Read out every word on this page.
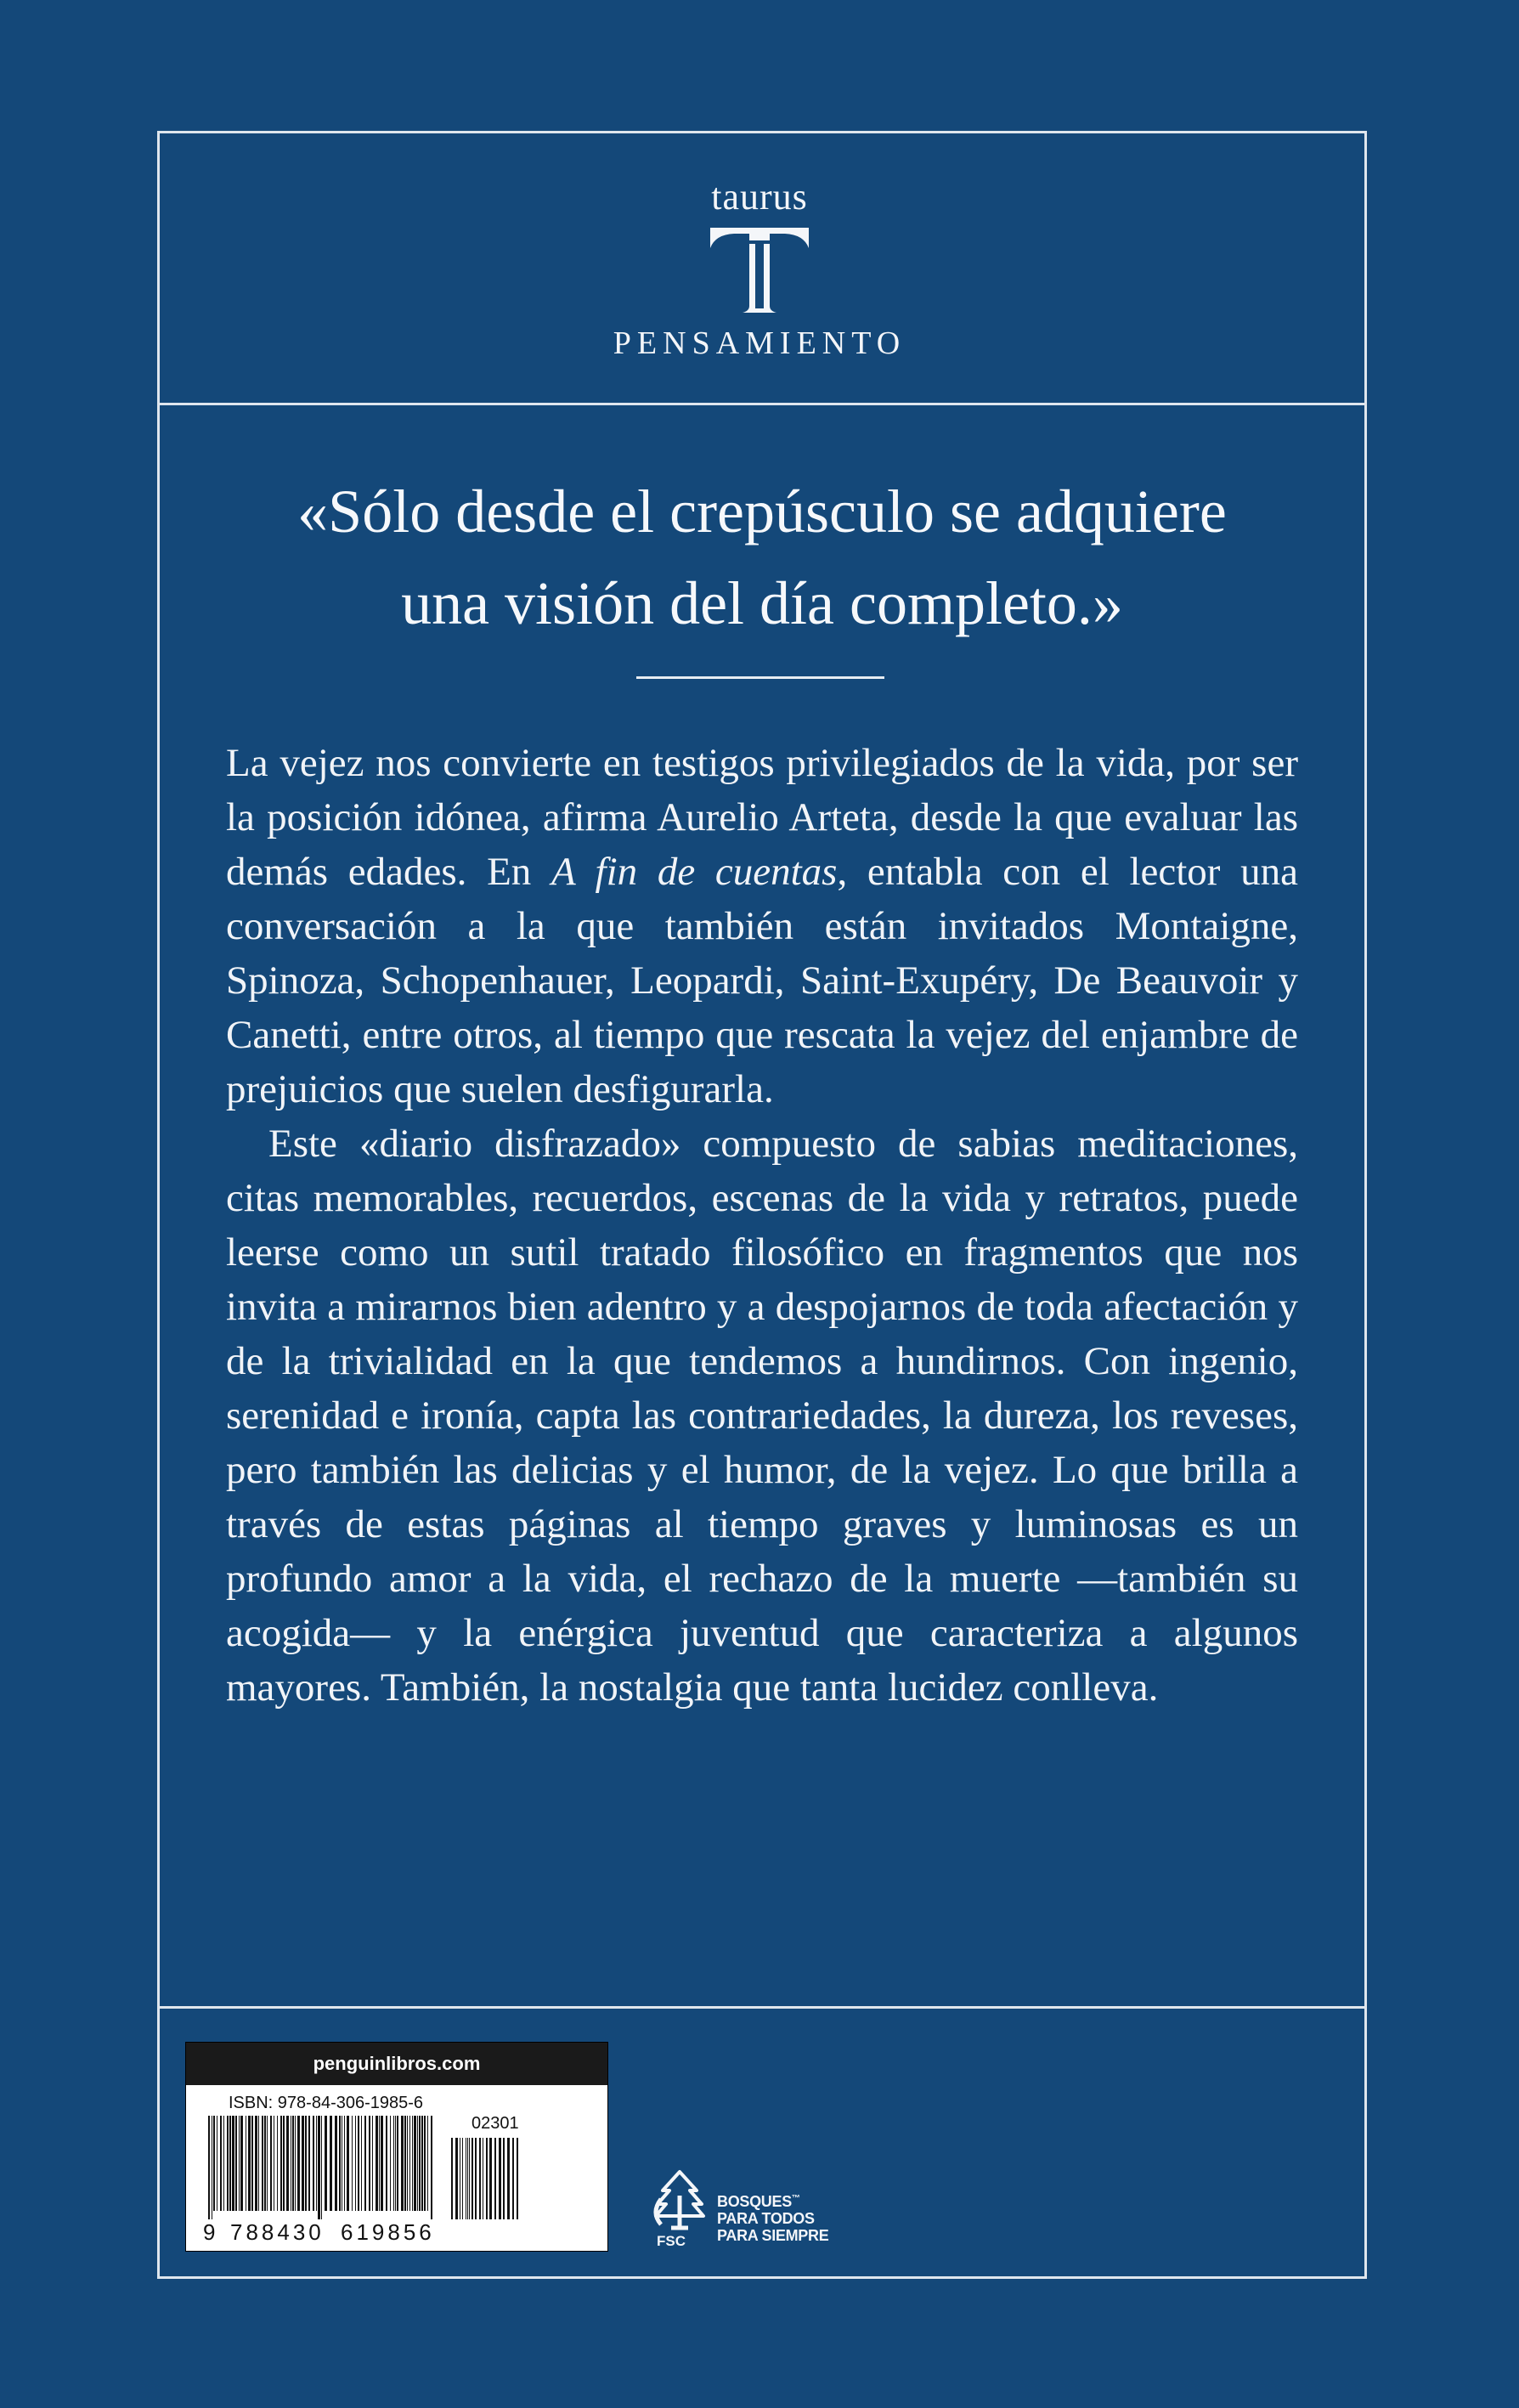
taurus
PENSAMIENTO
«Sólo desde el crepúsculo se adquiere
una visión del día completo.»

La vejez nos convierte en testigos privilegiados de la vida, por ser la posición idónea, afirma Aurelio Arteta, desde la que evaluar las demás edades. En A fin de cuentas, entabla con el lector una conversación a la que también están invitados Montaigne, Spinoza, Schopenhauer, Leopardi, Saint-Exupéry, De Beauvoir y Canetti, entre otros, al tiempo que rescata la vejez del enjambre de prejuicios que suelen desfigurarla.

Este «diario disfrazado» compuesto de sabias meditaciones, citas memorables, recuerdos, escenas de la vida y retratos, puede leerse como un sutil tratado filosófico en fragmentos que nos invita a mirarnos bien adentro y a despojarnos de toda afectación y de la trivialidad en la que tendemos a hundirnos. Con ingenio, serenidad e ironía, capta las contrariedades, la dureza, los reveses, pero también las delicias y el humor, de la vejez. Lo que brilla a través de estas páginas al tiempo graves y luminosas es un profundo amor a la vida, el rechazo de la muerte —también su acogida— y la enérgica juventud que caracteriza a algunos mayores. También, la nostalgia que tanta lucidez conlleva.

penguinlibros.com
ISBN: 978-84-306-1985-6
02301
9 788430 619856	FSC
BOSQUES™
PARA TODOS
PARA SIEMPRE
